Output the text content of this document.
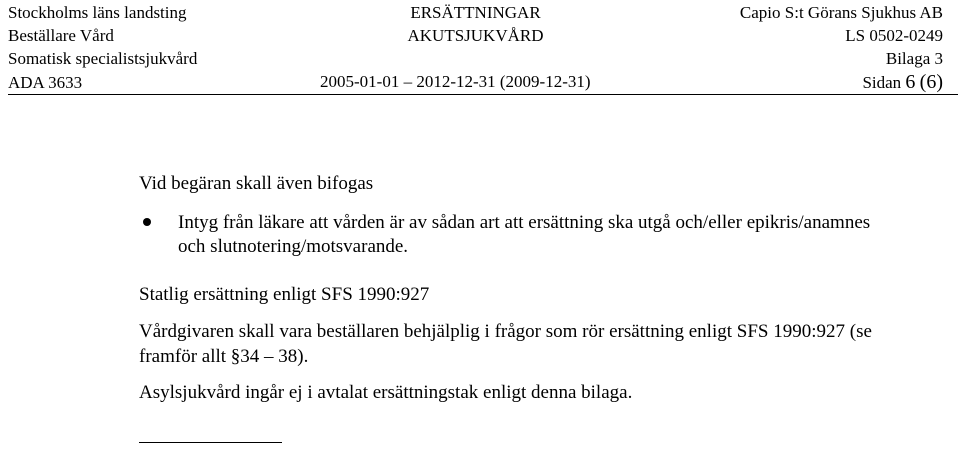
Stockholms läns landsting	ERSÄTTNINGAR	Capio S:t Görans Sjukhus AB
Beställare Vård	AKUTSJUKVÅRD	LS 0502-0249
Somatisk specialistsjukvård	Bilaga 3
ADA 3633	2005-01-01 – 2012-12-31 (2009-12-31)	Sidan 6 (6)
Vid begäran skall även bifogas
Intyg från läkare att vården är av sådan art att ersättning ska utgå och/eller epikris/anamnes och slutnotering/motsvarande.
Statlig ersättning enligt SFS 1990:927
Vårdgivaren skall vara beställaren behjälplig i frågor som rör ersättning enligt SFS 1990:927 (se framför allt §34 – 38).
Asylsjukvård ingår ej i avtalat ersättningstak enligt denna bilaga.
